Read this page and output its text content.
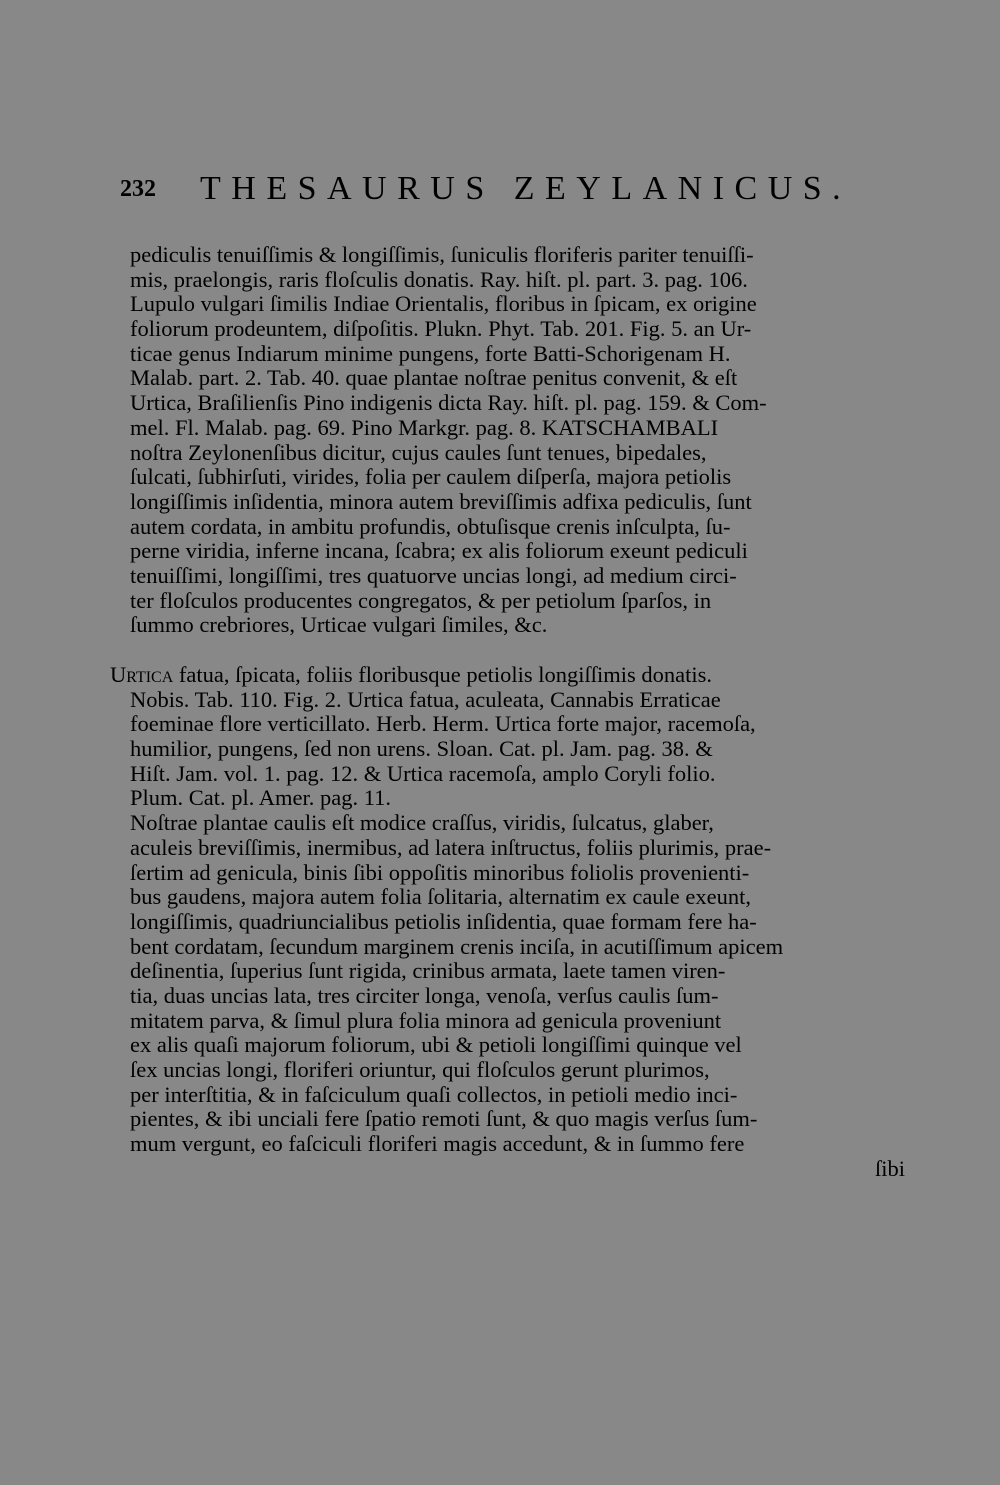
232 THESAURUS ZEYLANICUS.
pediculis tenuiſſimis & longiſſimis, ſuniculis floriferis pariter tenuiſſi-
mis, praelongis, raris floſculis donatis. Ray. hiſt. pl. part. 3. pag. 106.
Lupulo vulgari ſimilis Indiae Orientalis, floribus in ſpicam, ex origine
foliorum prodeuntem, diſpoſitis. Plukn. Phyt. Tab. 201. Fig. 5. an Ur-
ticae genus Indiarum minime pungens, forte Batti-Schorigenam H.
Malab. part. 2. Tab. 40. quae plantae noſtrae penitus convenit, & eſt
Urtica, Braſilienſis Pino indigenis dicta Ray. hiſt. pl. pag. 159. & Com-
mel. Fl. Malab. pag. 69. Pino Markgr. pag. 8. KATSCHAMBALI
noſtra Zeylonenſibus dicitur, cujus caules ſunt tenues, bipedales,
ſulcati, ſubhirſuti, virides, folia per caulem diſperſa, majora petiolis
longiſſimis inſidentia, minora autem breviſſimis adfixa pediculis, ſunt
autem cordata, in ambitu profundis, obtuſisque crenis inſculpta, ſu-
perne viridia, inferne incana, ſcabra; ex alis foliorum exeunt pediculi
tenuiſſimi, longiſſimi, tres quatuorve uncias longi, ad medium circi-
ter floſculos producentes congregatos, & per petiolum ſparſos, in
ſummo crebriores, Urticae vulgari ſimiles, &c.
Urtica fatua, ſpicata, foliis floribusque petiolis longiſſimis donatis.
Nobis. Tab. 110. Fig. 2. Urtica fatua, aculeata, Cannabis Erraticae
foeminae flore verticillato. Herb. Herm. Urtica forte major, racemoſa,
humilior, pungens, ſed non urens. Sloan. Cat. pl. Jam. pag. 38. &
Hiſt. Jam. vol. 1. pag. 12. & Urtica racemoſa, amplo Coryli folio.
Plum. Cat. pl. Amer. pag. 11.
Noſtrae plantae caulis eſt modice craſſus, viridis, ſulcatus, glaber,
aculeis breviſſimis, inermibus, ad latera inſtructus, foliis plurimis, prae-
ſertim ad genicula, binis ſibi oppoſitis minoribus foliolis provenienti-
bus gaudens, majora autem folia ſolitaria, alternatim ex caule exeunt,
longiſſimis, quadriuncialibus petiolis inſidentia, quae formam fere ha-
bent cordatam, ſecundum marginem crenis inciſa, in acutiſſimum apicem
deſinentia, ſuperius ſunt rigida, crinibus armata, laete tamen viren-
tia, duas uncias lata, tres circiter longa, venoſa, verſus caulis ſum-
mitatem parva, & ſimul plura folia minora ad genicula proveniunt
ex alis quaſi majorum foliorum, ubi & petioli longiſſimi quinque vel
ſex uncias longi, floriferi oriuntur, qui floſculos gerunt plurimos,
per interſtitia, & in faſciculum quaſi collectos, in petioli medio inci-
pientes, & ibi unciali fere ſpatio remoti ſunt, & quo magis verſus ſum-
mum vergunt, eo faſciculi floriferi magis accedunt, & in ſummo fere
ſibi
